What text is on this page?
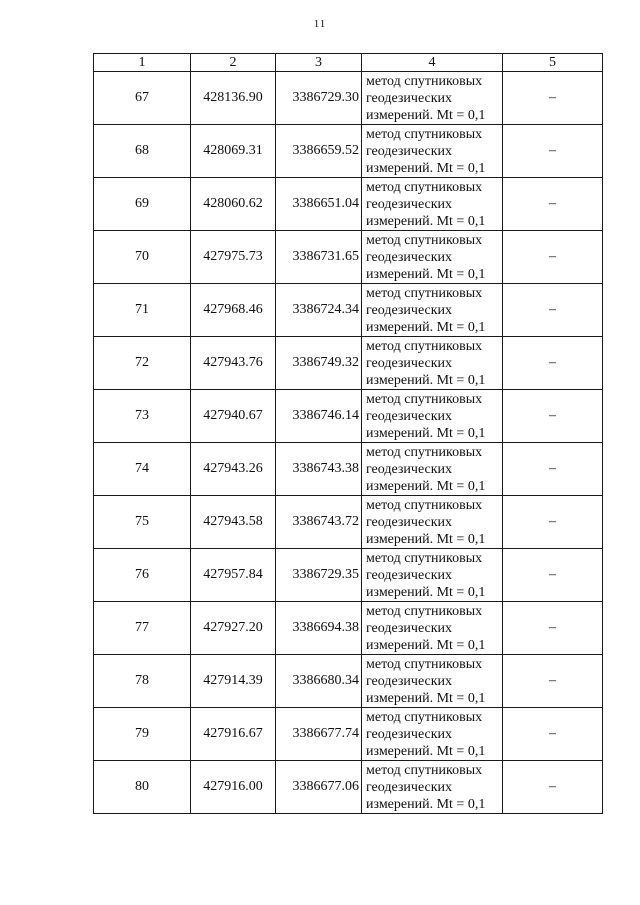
11
1	2	3	4	5
67	428136.90	3386729.30	метод спутниковых
геодезических
измерений. Mt = 0,1	–
68	428069.31	3386659.52	метод спутниковых
геодезических
измерений. Mt = 0,1	–
69	428060.62	3386651.04	метод спутниковых
геодезических
измерений. Mt = 0,1	–
70	427975.73	3386731.65	метод спутниковых
геодезических
измерений. Mt = 0,1	–
71	427968.46	3386724.34	метод спутниковых
геодезических
измерений. Mt = 0,1	–
72	427943.76	3386749.32	метод спутниковых
геодезических
измерений. Mt = 0,1	–
73	427940.67	3386746.14	метод спутниковых
геодезических
измерений. Mt = 0,1	–
74	427943.26	3386743.38	метод спутниковых
геодезических
измерений. Mt = 0,1	–
75	427943.58	3386743.72	метод спутниковых
геодезических
измерений. Mt = 0,1	–
76	427957.84	3386729.35	метод спутниковых
геодезических
измерений. Mt = 0,1	–
77	427927.20	3386694.38	метод спутниковых
геодезических
измерений. Mt = 0,1	–
78	427914.39	3386680.34	метод спутниковых
геодезических
измерений. Mt = 0,1	–
79	427916.67	3386677.74	метод спутниковых
геодезических
измерений. Mt = 0,1	–
80	427916.00	3386677.06	метод спутниковых
геодезических
измерений. Mt = 0,1	–
